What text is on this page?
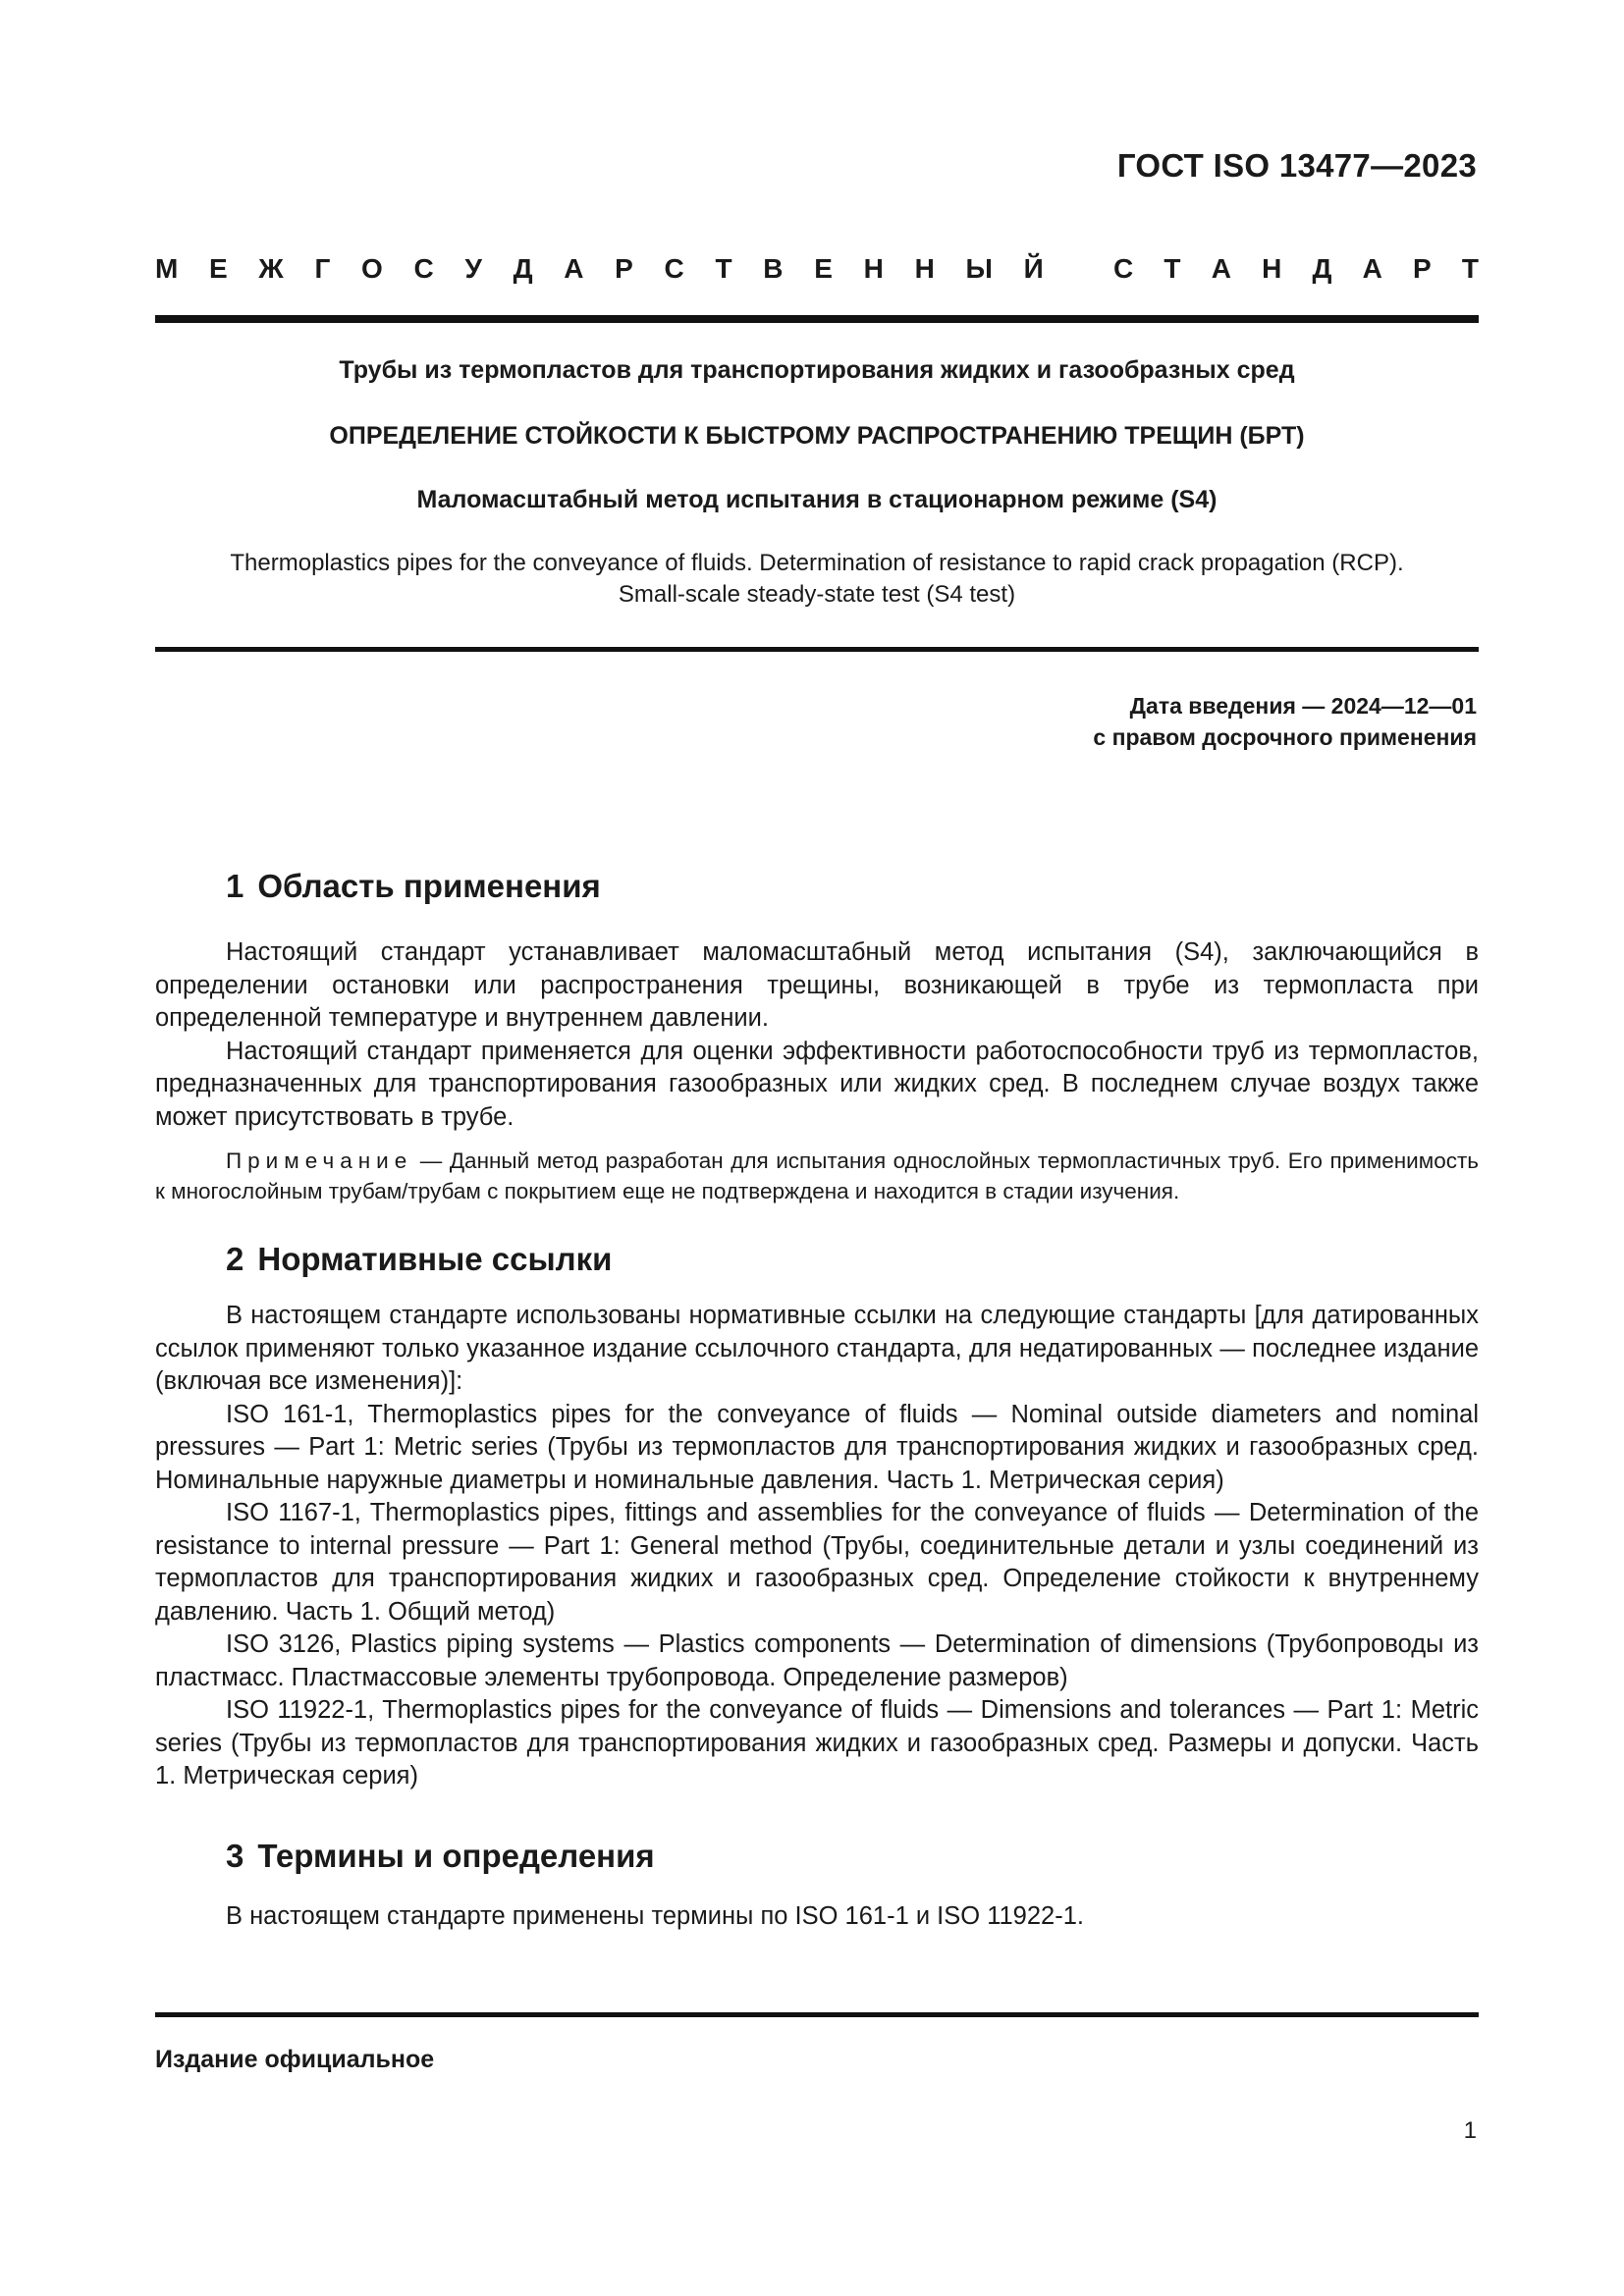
ГОСТ ISO 13477—2023
М Е Ж Г О С У Д А Р С Т В Е Н Н Ы Й	С Т А Н Д А Р Т
Трубы из термопластов для транспортирования жидких и газообразных сред
ОПРЕДЕЛЕНИЕ СТОЙКОСТИ К БЫСТРОМУ РАСПРОСТРАНЕНИЮ ТРЕЩИН (БРТ)
Маломасштабный метод испытания в стационарном режиме (S4)
Thermoplastics pipes for the conveyance of fluids. Determination of resistance to rapid crack propagation (RCP).
Small-scale steady-state test (S4 test)
Дата введения — 2024—12—01
с правом досрочного применения
1 Область применения

Настоящий стандарт устанавливает маломасштабный метод испытания (S4), заключающийся в определении остановки или распространения трещины, возникающей в трубе из термопласта при определенной температуре и внутреннем давлении.

Настоящий стандарт применяется для оценки эффективности работоспособности труб из термопластов, предназначенных для транспортирования газообразных или жидких сред. В последнем случае воздух также может присутствовать в трубе.

Примечание — Данный метод разработан для испытания однослойных термопластичных труб. Его применимость к многослойным трубам/трубам с покрытием еще не подтверждена и находится в стадии изучения.

2 Нормативные ссылки

В настоящем стандарте использованы нормативные ссылки на следующие стандарты [для датированных ссылок применяют только указанное издание ссылочного стандарта, для недатированных — последнее издание (включая все изменения)]:

ISO 161-1, Thermoplastics pipes for the conveyance of fluids — Nominal outside diameters and nominal pressures — Part 1: Metric series (Трубы из термопластов для транспортирования жидких и газообразных сред. Номинальные наружные диаметры и номинальные давления. Часть 1. Метрическая серия)

ISO 1167-1, Thermoplastics pipes, fittings and assemblies for the conveyance of fluids — Determination of the resistance to internal pressure — Part 1: General method (Трубы, соединительные детали и узлы соединений из термопластов для транспортирования жидких и газообразных сред. Определение стойкости к внутреннему давлению. Часть 1. Общий метод)

ISO 3126, Plastics piping systems — Plastics components — Determination of dimensions (Трубопроводы из пластмасс. Пластмассовые элементы трубопровода. Определение размеров)

ISO 11922-1, Thermoplastics pipes for the conveyance of fluids — Dimensions and tolerances — Part 1: Metric series (Трубы из термопластов для транспортирования жидких и газообразных сред. Размеры и допуски. Часть 1. Метрическая серия)

3 Термины и определения

В настоящем стандарте применены термины по ISO 161-1 и ISO 11922-1.

Издание официальное
1
